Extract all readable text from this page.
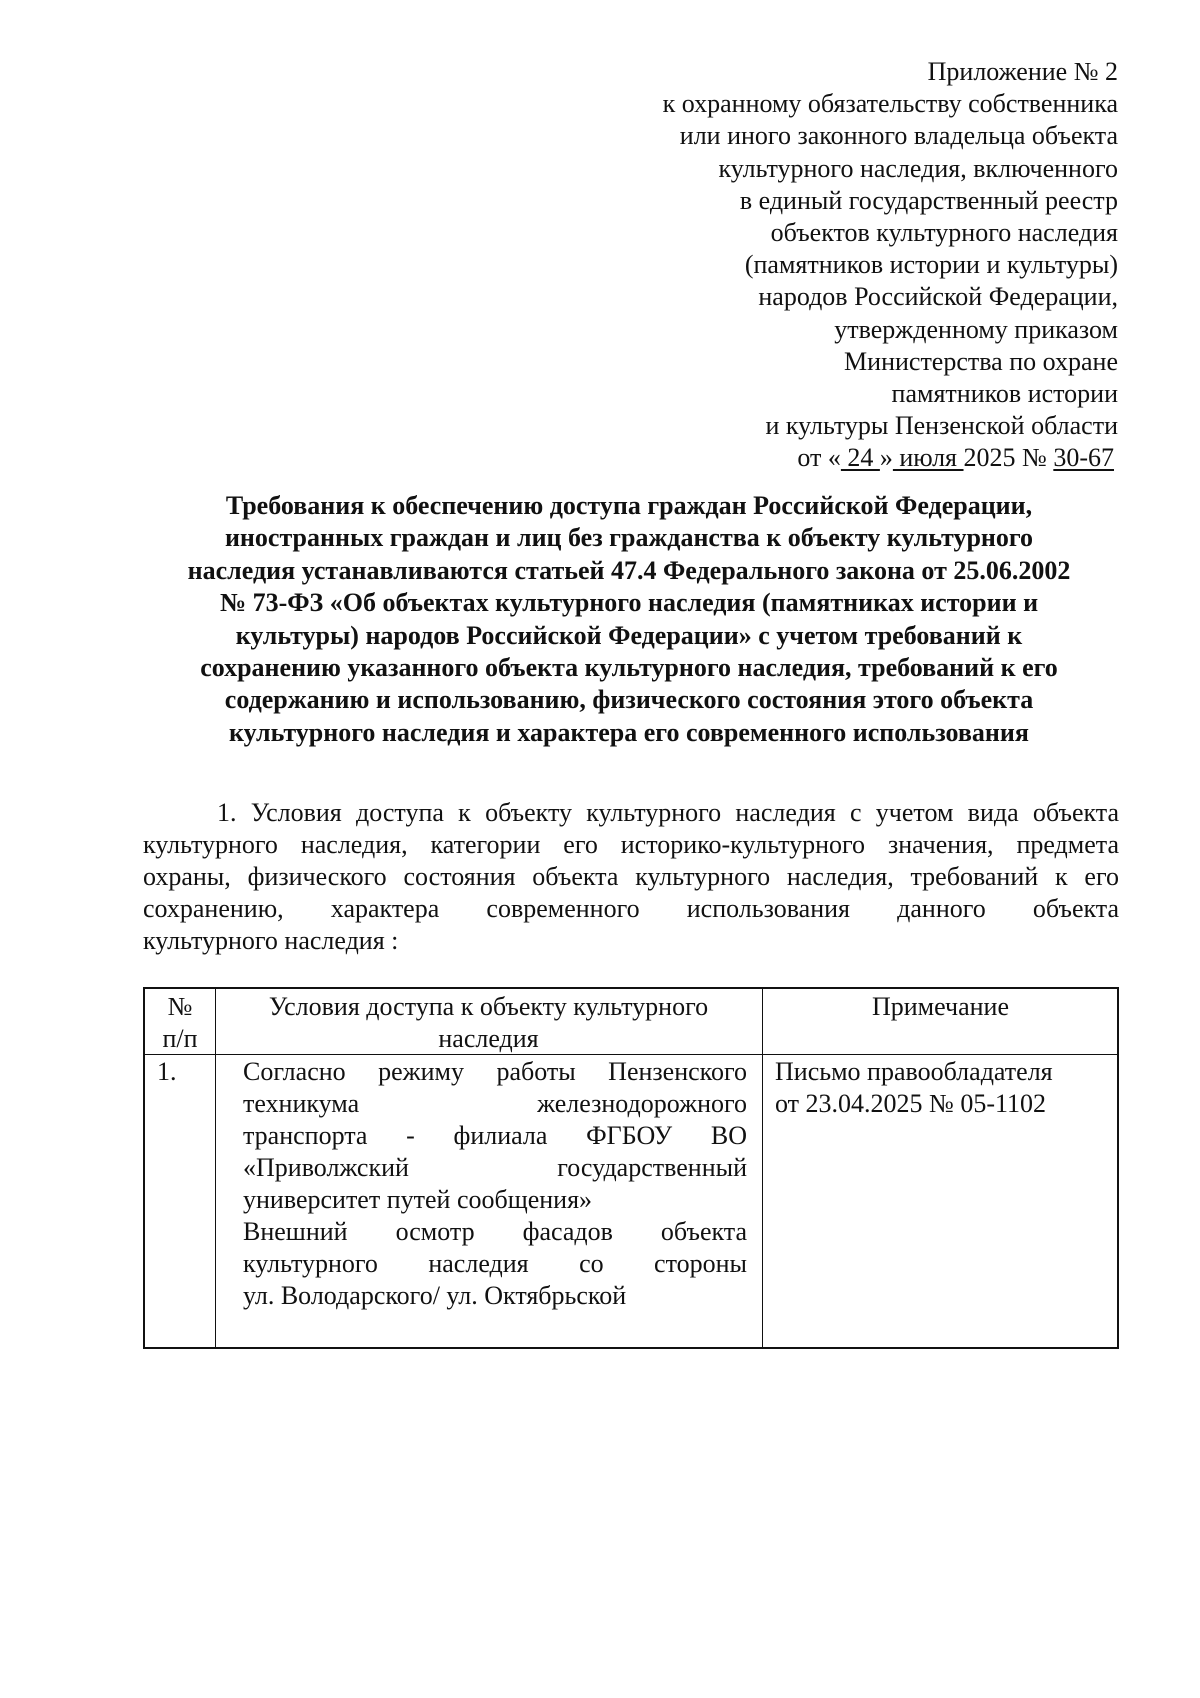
Приложение № 2
к охранному обязательству собственника
или иного законного владельца объекта
культурного наследия, включенного
в единый государственный реестр
объектов культурного наследия
(памятников истории и культуры)
народов Российской Федерации,
утвержденному приказом
Министерства по охране
памятников истории
и культуры Пензенской области
от « 24 » июля 2025 № 30-67
Требования к обеспечению доступа граждан Российской Федерации,
иностранных граждан и лиц без гражданства к объекту культурного
наследия устанавливаются статьей 47.4 Федерального закона от 25.06.2002
№ 73-ФЗ «Об объектах культурного наследия (памятниках истории и
культуры) народов Российской Федерации» с учетом требований к
сохранению указанного объекта культурного наследия, требований к его
содержанию и использованию, физического состояния этого объекта
культурного наследия и характера его современного использования
1. Условия доступа к объекту культурного наследия с учетом вида объекта
культурного наследия, категории его историко-культурного значения, предмета
охраны, физического состояния объекта культурного наследия, требований к его
сохранению, характера современного использования данного объекта
культурного наследия :
№
п/п
Условия доступа к объекту культурного
наследия
Примечание
1.	Согласно режиму работы Пензенского
техникума железнодорожного
транспорта - филиала ФГБОУ ВО
«Приволжский государственный
университет путей сообщения»
Внешний осмотр фасадов объекта
культурного наследия со стороны
ул. Володарского/ ул. Октябрьской
Письмо правообладателя
от 23.04.2025 № 05-1102
